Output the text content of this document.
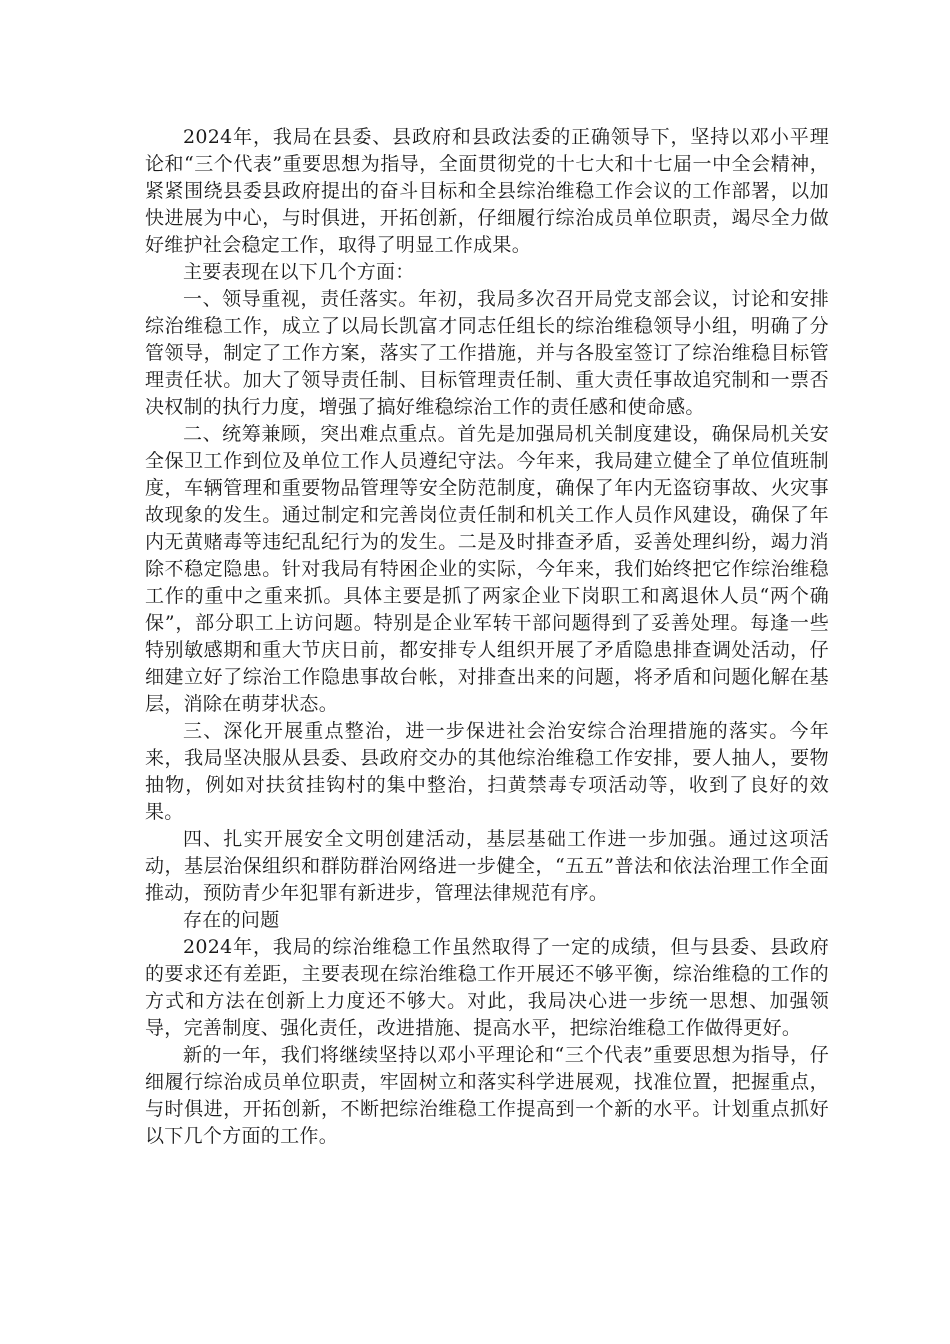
2024年，我局在县委、县政府和县政法委的正确领导下，坚持以邓小平理论和“三个代表”重要思想为指导，全面贯彻党的十七大和十七届一中全会精神，紧紧围绕县委县政府提出的奋斗目标和全县综治维稳工作会议的工作部署，以加快进展为中心，与时俱进，开拓创新，仔细履行综治成员单位职责，竭尽全力做好维护社会稳定工作，取得了明显工作成果。

主要表现在以下几个方面：

一、领导重视，责任落实。年初，我局多次召开局党支部会议，讨论和安排综治维稳工作，成立了以局长凯富才同志任组长的综治维稳领导小组，明确了分管领导，制定了工作方案，落实了工作措施，并与各股室签订了综治维稳目标管理责任状。加大了领导责任制、目标管理责任制、重大责任事故追究制和一票否决权制的执行力度，增强了搞好维稳综治工作的责任感和使命感。

二、统筹兼顾，突出难点重点。首先是加强局机关制度建设，确保局机关安全保卫工作到位及单位工作人员遵纪守法。今年来，我局建立健全了单位值班制度，车辆管理和重要物品管理等安全防范制度，确保了年内无盗窃事故、火灾事故现象的发生。通过制定和完善岗位责任制和机关工作人员作风建设，确保了年内无黄赌毒等违纪乱纪行为的发生。二是及时排查矛盾，妥善处理纠纷，竭力消除不稳定隐患。针对我局有特困企业的实际，今年来，我们始终把它作综治维稳工作的重中之重来抓。具体主要是抓了两家企业下岗职工和离退休人员“两个确保”，部分职工上访问题。特别是企业军转干部问题得到了妥善处理。每逢一些特别敏感期和重大节庆日前，都安排专人组织开展了矛盾隐患排查调处活动，仔细建立好了综治工作隐患事故台帐，对排查出来的问题，将矛盾和问题化解在基层，消除在萌芽状态。

三、深化开展重点整治，进一步保进社会治安综合治理措施的落实。今年来，我局坚决服从县委、县政府交办的其他综治维稳工作安排，要人抽人，要物抽物，例如对扶贫挂钩村的集中整治，扫黄禁毒专项活动等，收到了良好的效果。

四、扎实开展安全文明创建活动，基层基础工作进一步加强。通过这项活动，基层治保组织和群防群治网络进一步健全，“五五”普法和依法治理工作全面推动，预防青少年犯罪有新进步，管理法律规范有序。

存在的问题

2024年，我局的综治维稳工作虽然取得了一定的成绩，但与县委、县政府的要求还有差距，主要表现在综治维稳工作开展还不够平衡，综治维稳的工作的方式和方法在创新上力度还不够大。对此，我局决心进一步统一思想、加强领导，完善制度、强化责任，改进措施、提高水平，把综治维稳工作做得更好。

新的一年，我们将继续坚持以邓小平理论和“三个代表”重要思想为指导，仔细履行综治成员单位职责，牢固树立和落实科学进展观，找准位置，把握重点，与时俱进，开拓创新，不断把综治维稳工作提高到一个新的水平。计划重点抓好以下几个方面的工作。
